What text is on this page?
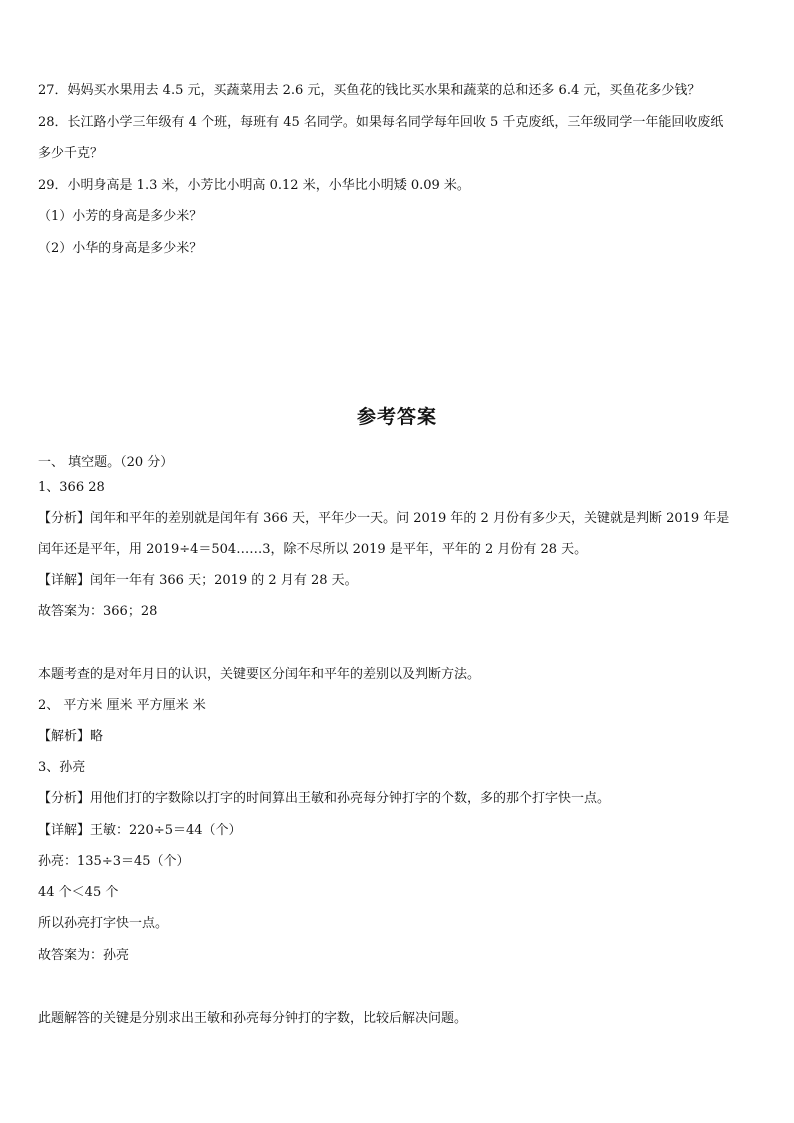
27．妈妈买水果用去 4.5 元，买蔬菜用去 2.6 元，买鱼花的钱比买水果和蔬菜的总和还多 6.4 元，买鱼花多少钱？
28．长江路小学三年级有 4 个班，每班有 45 名同学。如果每名同学每年回收 5 千克废纸，三年级同学一年能回收废纸
多少千克？
29．小明身高是 1.3 米，小芳比小明高 0.12 米，小华比小明矮 0.09 米。
（1）小芳的身高是多少米？
（2）小华的身高是多少米？
参考答案
一、 填空题。（20 分）
1、366 28
【分析】闰年和平年的差别就是闰年有 366 天，平年少一天。问 2019 年的 2 月份有多少天，关键就是判断 2019 年是
闰年还是平年，用 2019÷4＝504……3，除不尽所以 2019 是平年，平年的 2 月份有 28 天。
【详解】闰年一年有 366 天；2019 的 2 月有 28 天。
故答案为：366；28
本题考查的是对年月日的认识，关键要区分闰年和平年的差别以及判断方法。
2、 平方米 厘米 平方厘米 米
【解析】略
3、孙亮
【分析】用他们打的字数除以打字的时间算出王敏和孙亮每分钟打字的个数，多的那个打字快一点。
【详解】王敏：220÷5＝44（个）
孙亮：135÷3＝45（个）
44 个＜45 个
所以孙亮打字快一点。
故答案为：孙亮
此题解答的关键是分别求出王敏和孙亮每分钟打的字数，比较后解决问题。
